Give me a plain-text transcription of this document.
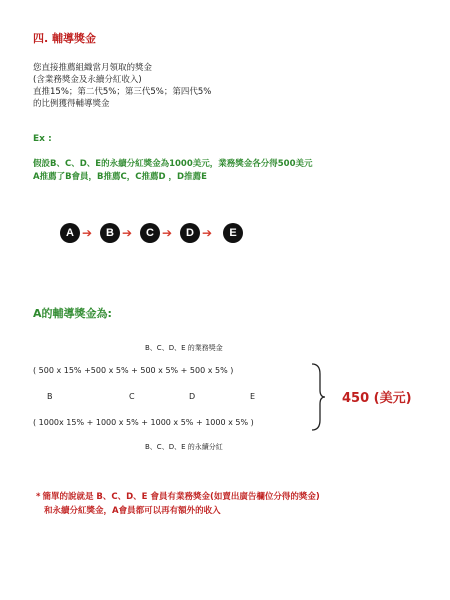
四. 輔導獎金
您直接推薦組織當月領取的獎金
(含業務獎金及永續分紅收入)
直推15%；第二代5%；第三代5%；第四代5%
的比例獲得輔導獎金
Ex :
假設B、C、D、E的永續分紅獎金為1000美元，業務獎金各分得500美元
A推薦了B會員，B推薦C，C推薦D ，D推薦E
A ➔	B ➔	C ➔	D ➔	E
A的輔導獎金為:
B、C、D、E 的業務獎金
( 500 x 15% +500 x 5% + 500 x 5% + 500 x 5% )
B	C	D	E
( 1000x 15% + 1000 x 5% + 1000 x 5% + 1000 x 5% )
B、C、D、E 的永續分紅
450 (美元)
* 簡單的說就是 B、C、D、E 會員有業務獎金(如賣出廣告欄位分得的獎金)
和永續分紅獎金，A會員都可以再有額外的收入
